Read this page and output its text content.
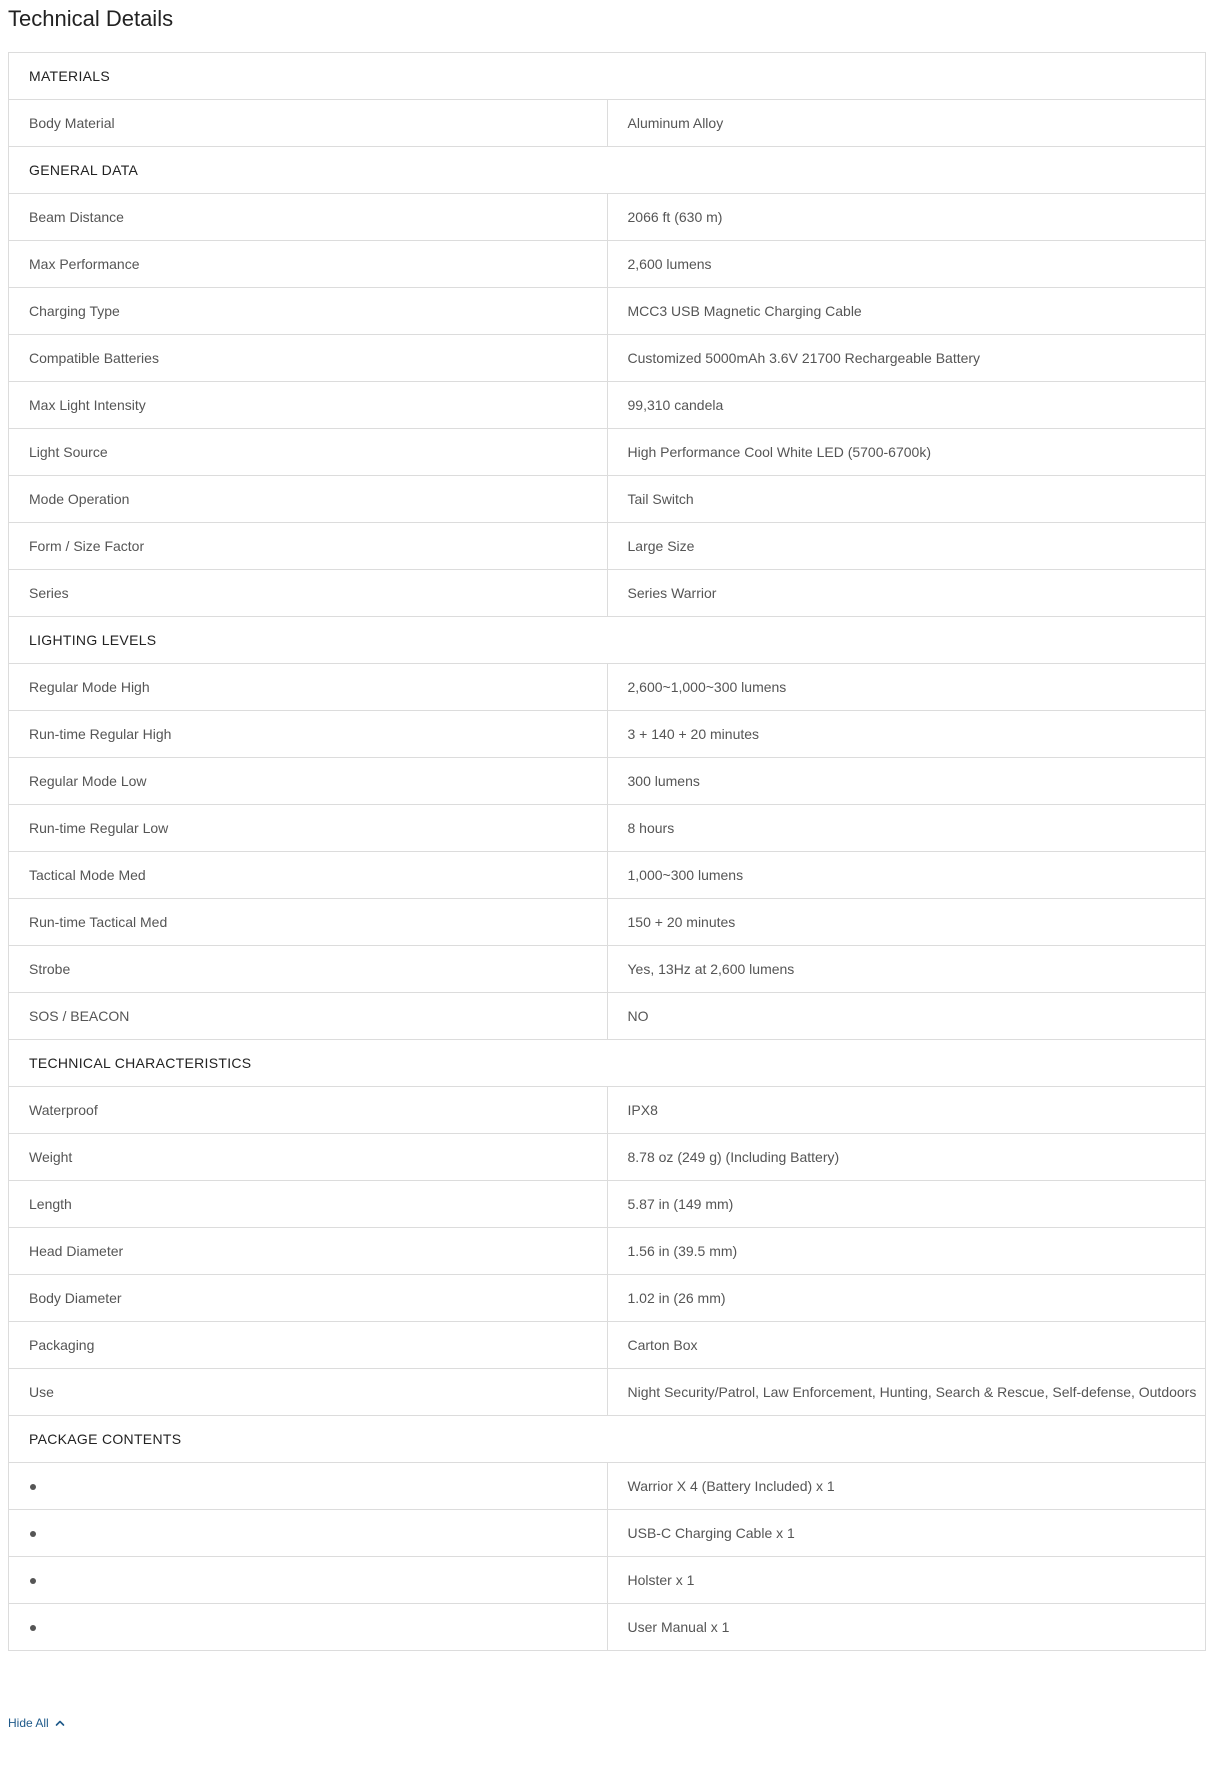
Technical Details
MATERIALS	
Body Material	Aluminum Alloy
GENERAL DATA	
Beam Distance	2066 ft (630 m)
Max Performance	2,600 lumens
Charging Type	MCC3 USB Magnetic Charging Cable
Compatible Batteries	Customized 5000mAh 3.6V 21700 Rechargeable Battery
Max Light Intensity	99,310 candela
Light Source	High Performance Cool White LED (5700-6700k)
Mode Operation	Tail Switch
Form / Size Factor	Large Size
Series	Series Warrior
LIGHTING LEVELS	
Regular Mode High	2,600~1,000~300 lumens
Run-time Regular High	3 + 140 + 20 minutes
Regular Mode Low	300 lumens
Run-time Regular Low	8 hours
Tactical Mode Med	1,000~300 lumens
Run-time Tactical Med	150 + 20 minutes
Strobe	Yes, 13Hz at 2,600 lumens
SOS / BEACON	NO
TECHNICAL CHARACTERISTICS	
Waterproof	IPX8
Weight	8.78 oz (249 g) (Including Battery)
Length	5.87 in (149 mm)
Head Diameter	1.56 in (39.5 mm)
Body Diameter	1.02 in (26 mm)
Packaging	Carton Box
Use	Night Security/Patrol, Law Enforcement, Hunting, Search & Rescue, Self-defense, Outdoors
PACKAGE CONTENTS	
	Warrior X 4 (Battery Included) x 1
	USB-C Charging Cable x 1
	Holster x 1
	User Manual x 1
Hide All
